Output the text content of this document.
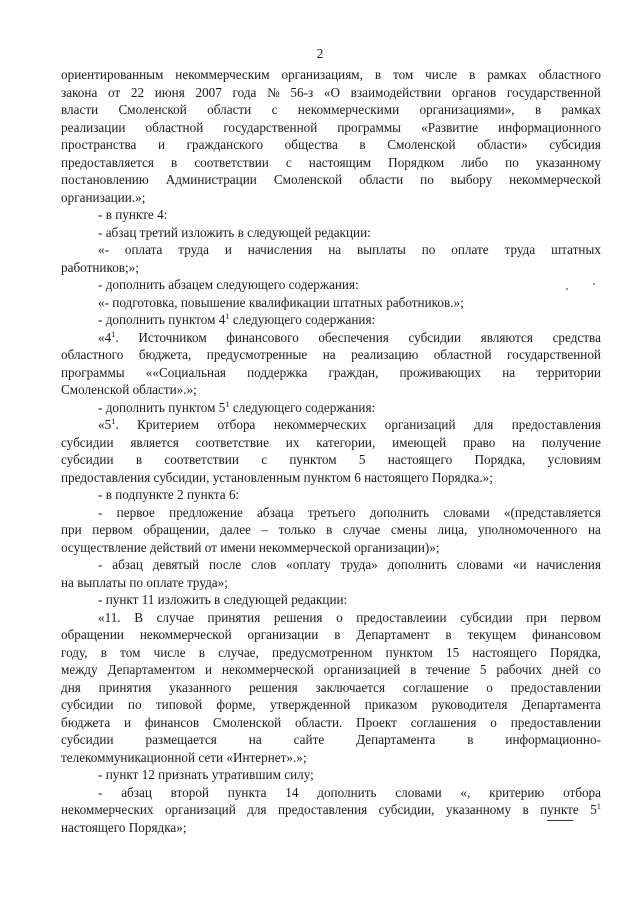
2
ориентированным некоммерческим организациям, в том числе в рамках областного
закона от 22 июня 2007 года № 56-з «О взаимодействии органов государственной
власти Смоленской области с некоммерческими организациями», в рамках
реализации областной государственной программы «Развитие информационного
пространства и гражданского общества в Смоленской области» субсидия
предоставляется в соответствии с настоящим Порядком либо по указанному
постановлению Администрации Смоленской области по выбору некоммерческой
организации.»;
- в пункте 4:
- абзац третий изложить в следующей редакции:
«- оплата труда и начисления на выплаты по оплате труда штатных
работников;»;
- дополнить абзацем следующего содержания:
«- подготовка, повышение квалификации штатных работников.»;
- дополнить пунктом $4^1$ следующего содержания:
«$4^1$. Источником финансового обеспечения субсидии являются средства
областного бюджета, предусмотренные на реализацию областной государственной
программы ««Социальная поддержка граждан, проживающих на территории
Смоленской области».»;
- дополнить пунктом $5^1$ следующего содержания:
«$5^1$. Критерием отбора некоммерческих организаций для предоставления
субсидии является соответствие их категории, имеющей право на получение
субсидии в соответствии с пунктом 5 настоящего Порядка, условиям
предоставления субсидии, установленным пунктом 6 настоящего Порядка.»;
- в подпункте 2 пункта 6:
- первое предложение абзаца третьего дополнить словами «(представляется
при первом обращении, далее – только в случае смены лица, уполномоченного на
осуществление действий от имени некоммерческой организации)»;
- абзац девятый после слов «оплату труда» дополнить словами «и начисления
на выплаты по оплате труда»;
- пункт 11 изложить в следующей редакции:
«11. В случае принятия решения о предоставлеиии субсидии при первом
обращении некоммерческой организации в Департамент в текущем финансовом
году, в том числе в случае, предусмотренном пунктом 15 настоящего Порядка,
между Департаментом и некоммерческой организацией в течение 5 рабочих дней со
дня принятия указанного решения заключается соглашение о предоставлении
субсидии по типовой форме, утвержденной приказом руководителя Департамента
бюджета и финансов Смоленской области. Проект соглашения о предоставлении
субсидии размещается на сайте Департамента в информационно-
телекоммуникационной сети «Интернет».»;
- пункт 12 признать утратившим силу;
- абзац второй пункта 14 дополнить словами «, критерию отбора
некоммерческих организаций для предоставления субсидии, указанному в пункте $5^1$
настоящего Порядка»;
